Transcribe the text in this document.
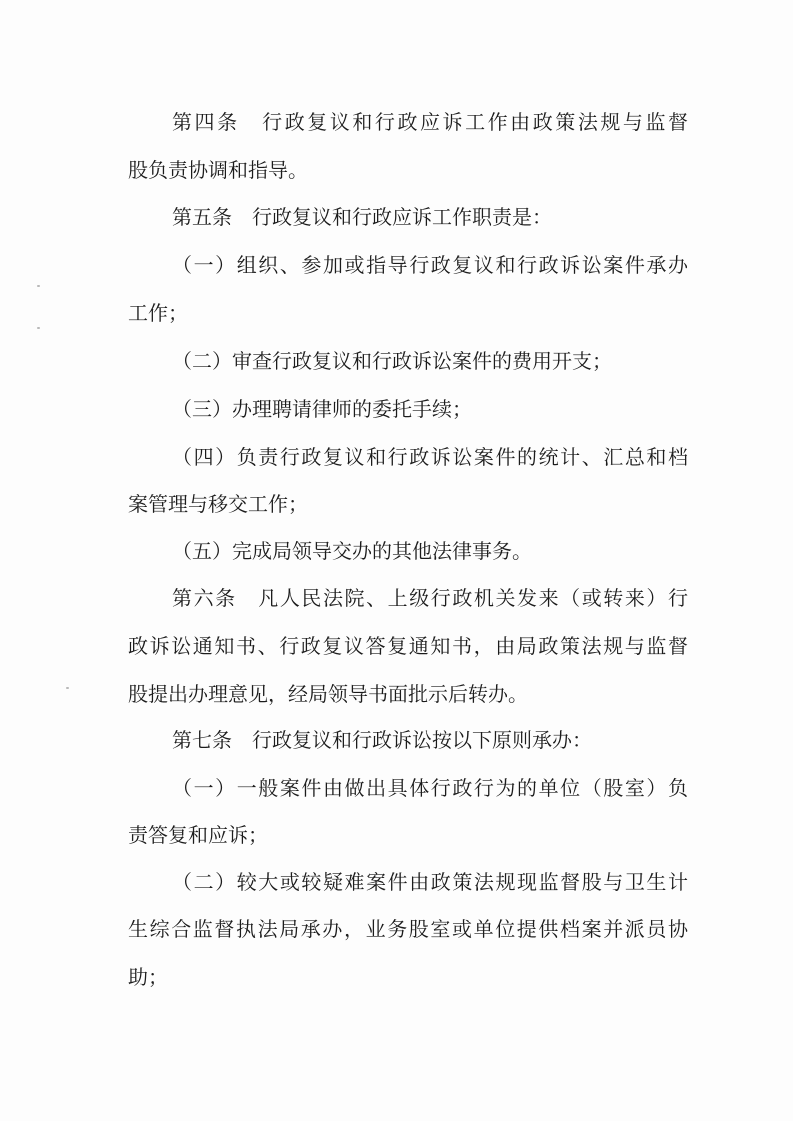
第四条　行政复议和行政应诉工作由政策法规与监督
股负责协调和指导。
第五条　行政复议和行政应诉工作职责是：
（一）组织、参加或指导行政复议和行政诉讼案件承办
工作；
（二）审查行政复议和行政诉讼案件的费用开支；
（三）办理聘请律师的委托手续；
（四）负责行政复议和行政诉讼案件的统计、汇总和档
案管理与移交工作；
（五）完成局领导交办的其他法律事务。
第六条　凡人民法院、上级行政机关发来（或转来）行
政诉讼通知书、行政复议答复通知书，由局政策法规与监督
股提出办理意见，经局领导书面批示后转办。
第七条　行政复议和行政诉讼按以下原则承办：
（一）一般案件由做出具体行政行为的单位（股室）负
责答复和应诉；
（二）较大或较疑难案件由政策法规现监督股与卫生计
生综合监督执法局承办，业务股室或单位提供档案并派员协
助；
